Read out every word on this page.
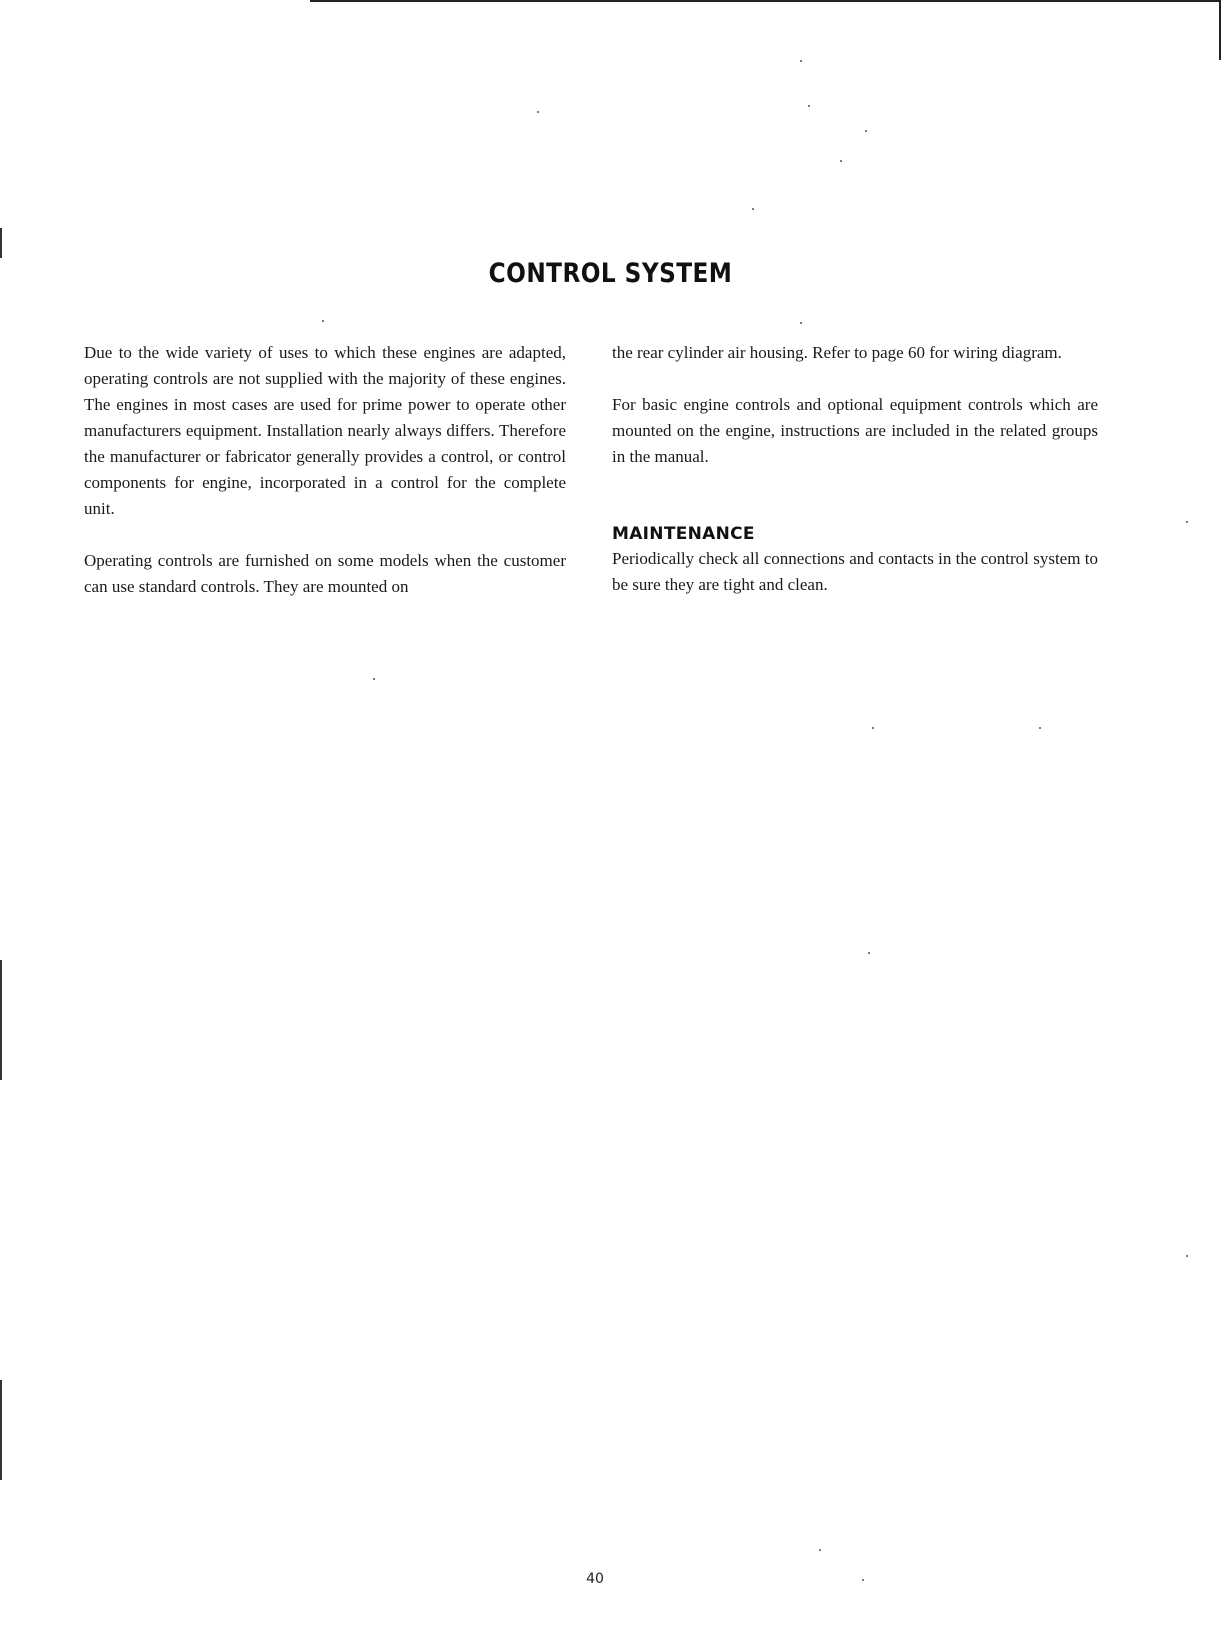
CONTROL SYSTEM

Due to the wide variety of uses to which these engines are adapted, operating controls are not supplied with the majority of these engines. The engines in most cases are used for prime power to operate other manufacturers equipment. Installation nearly always differs. Therefore the manufacturer or fabricator generally provides a control, or control components for engine, incorporated in a control for the complete unit.

Operating controls are furnished on some models when the customer can use standard controls. They are mounted on

the rear cylinder air housing. Refer to page 60 for wiring diagram.

For basic engine controls and optional equipment controls which are mounted on the engine, instructions are included in the related groups in the manual.

MAINTENANCE

Periodically check all connections and contacts in the control system to be sure they are tight and clean.

40
